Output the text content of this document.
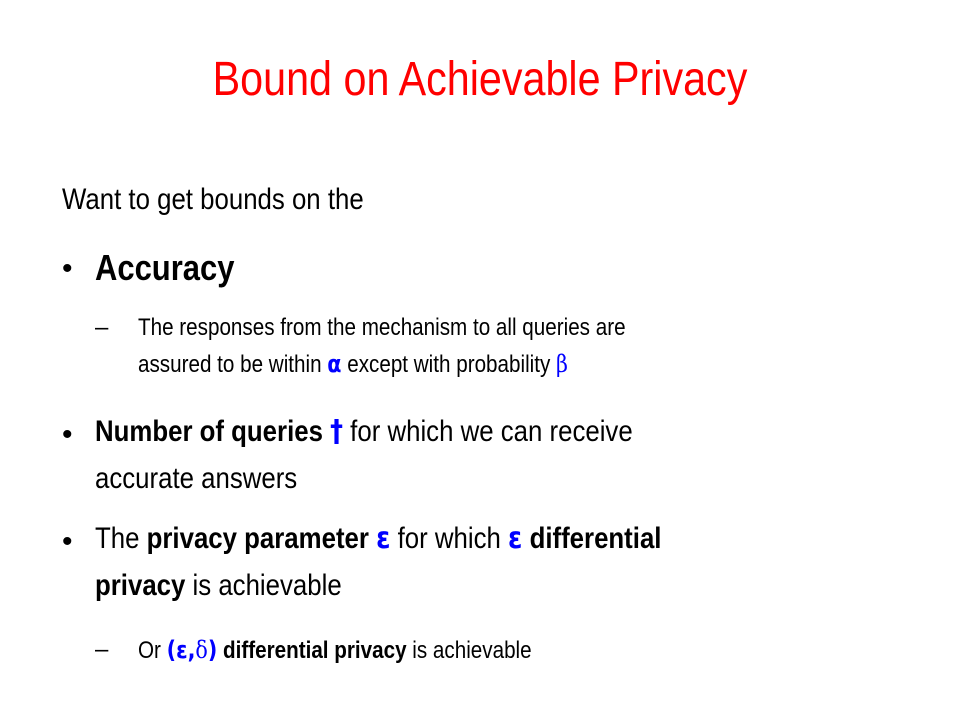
Bound on Achievable Privacy
Want to get bounds on the
• Accuracy
– The responses from the mechanism to all queries are
assured to be within α except with probability β
• Number of queries † for which we can receive
accurate answers
• The privacy parameter ε for which ε differential
privacy is achievable
– Or (ε,δ) differential privacy is achievable
